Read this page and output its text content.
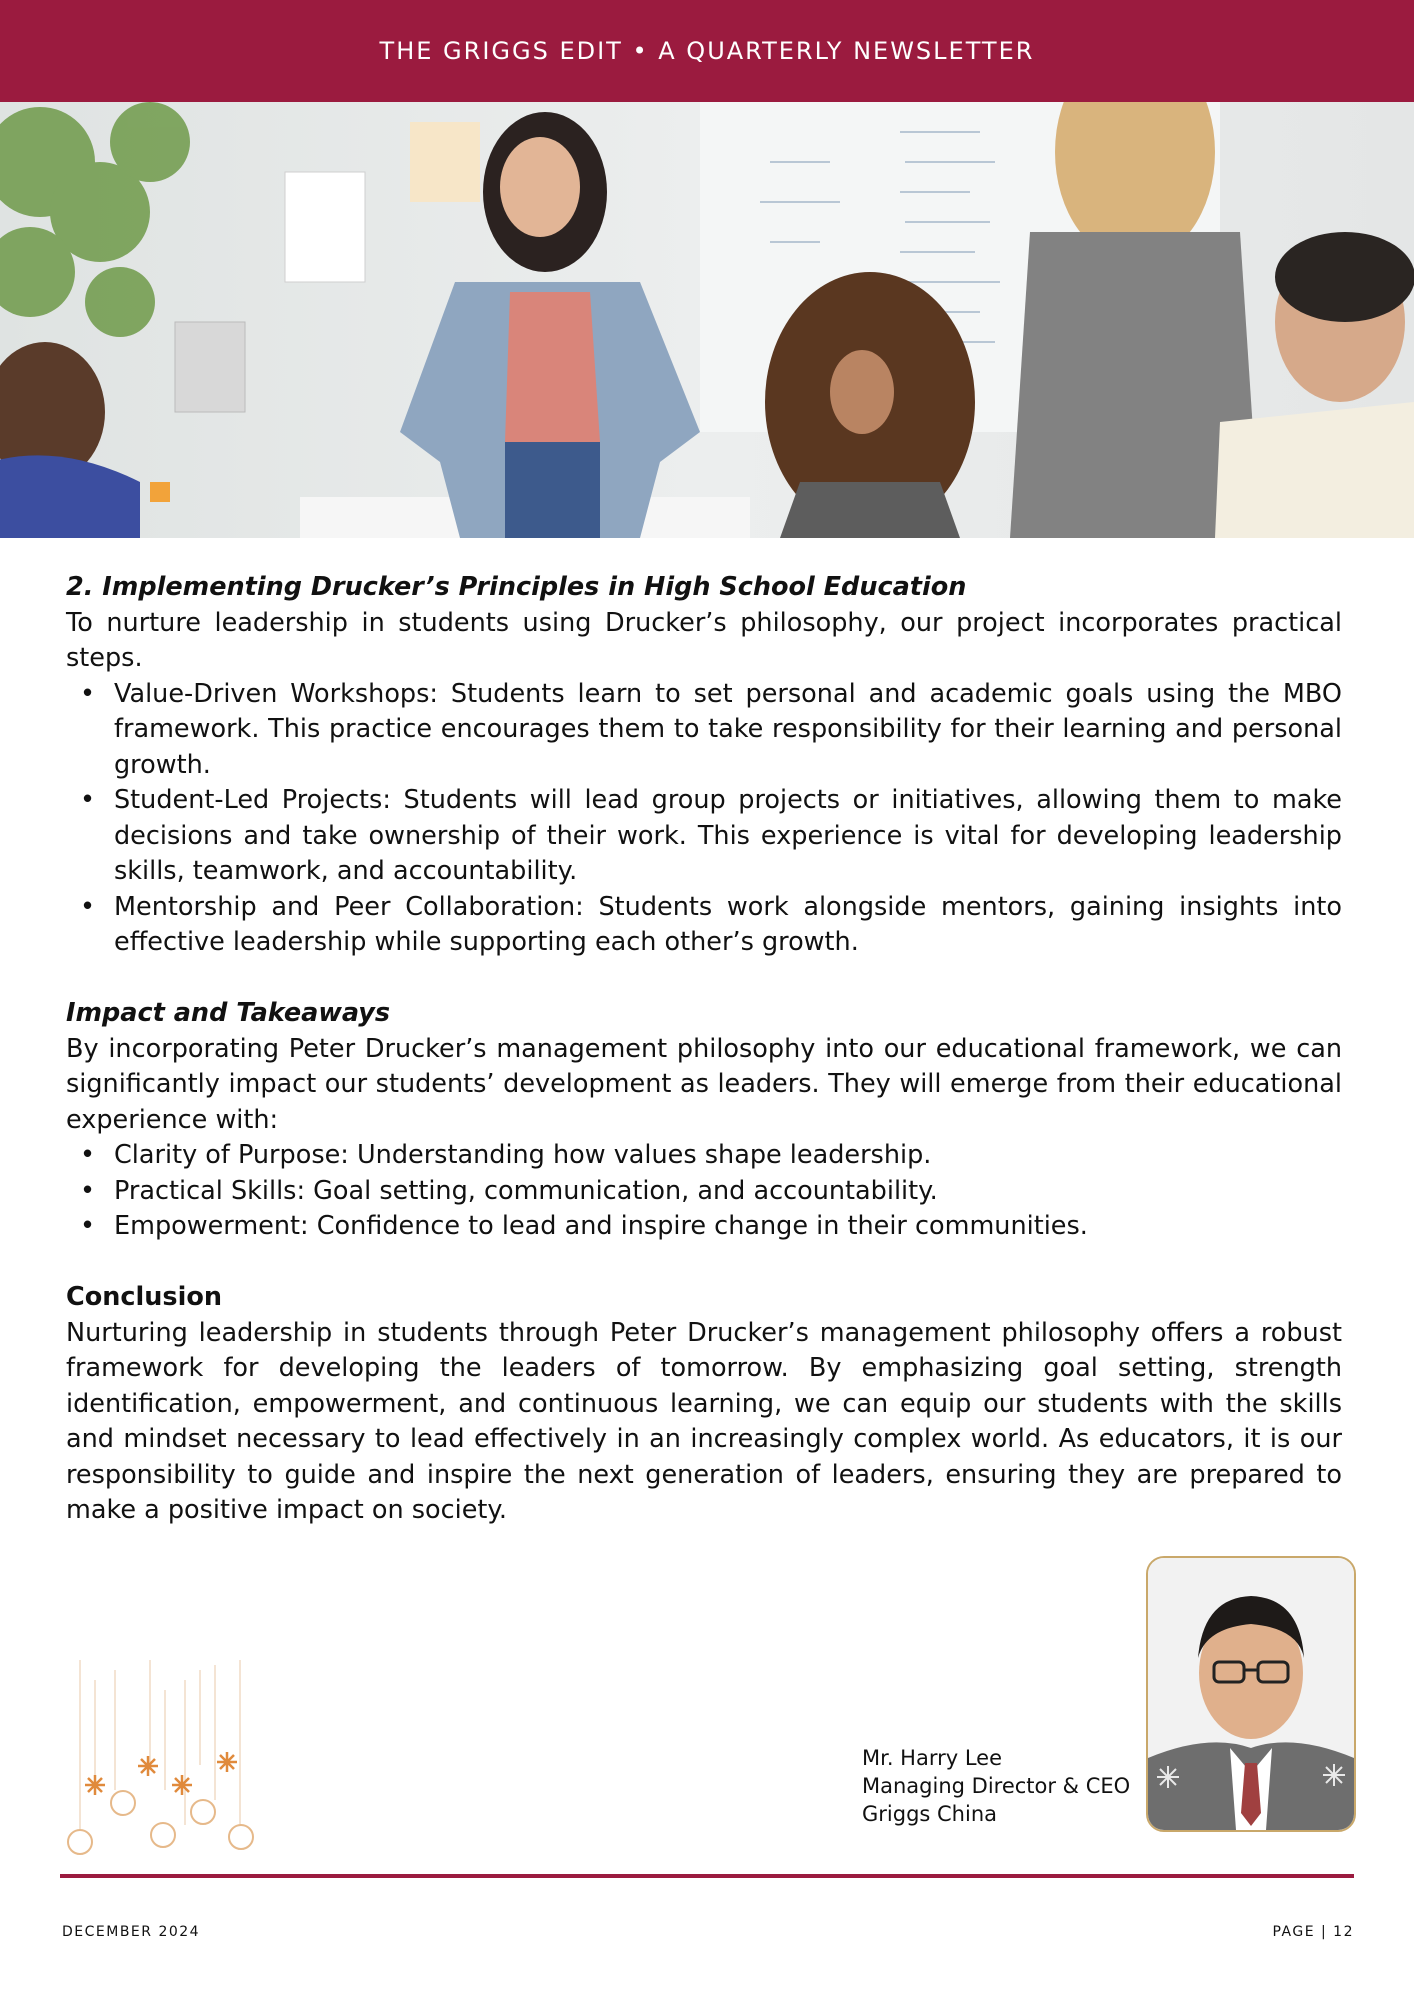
THE GRIGGS EDIT • A QUARTERLY NEWSLETTER
2. Implementing Drucker’s Principles in High School Education

To nurture leadership in students using Drucker’s philosophy, our project incorporates practical steps.

• Value-Driven Workshops: Students learn to set personal and academic goals using the MBO framework. This practice encourages them to take responsibility for their learning and personal growth.
• Student-Led Projects: Students will lead group projects or initiatives, allowing them to make decisions and take ownership of their work. This experience is vital for developing leadership skills, teamwork, and accountability.
• Mentorship and Peer Collaboration: Students work alongside mentors, gaining insights into effective leadership while supporting each other’s growth.
Impact and Takeaways

By incorporating Peter Drucker’s management philosophy into our educational framework, we can significantly impact our students’ development as leaders. They will emerge from their educational experience with:

• Clarity of Purpose: Understanding how values shape leadership.
• Practical Skills: Goal setting, communication, and accountability.
• Empowerment: Confidence to lead and inspire change in their communities.
Conclusion

Nurturing leadership in students through Peter Drucker’s management philosophy offers a robust framework for developing the leaders of tomorrow. By emphasizing goal setting, strength identification, empowerment, and continuous learning, we can equip our students with the skills and mindset necessary to lead effectively in an increasingly complex world. As educators, it is our responsibility to guide and inspire the next generation of leaders, ensuring they are prepared to make a positive impact on society.

Mr. Harry Lee
Managing Director & CEO
Griggs China
DECEMBER 2024	PAGE | 12
